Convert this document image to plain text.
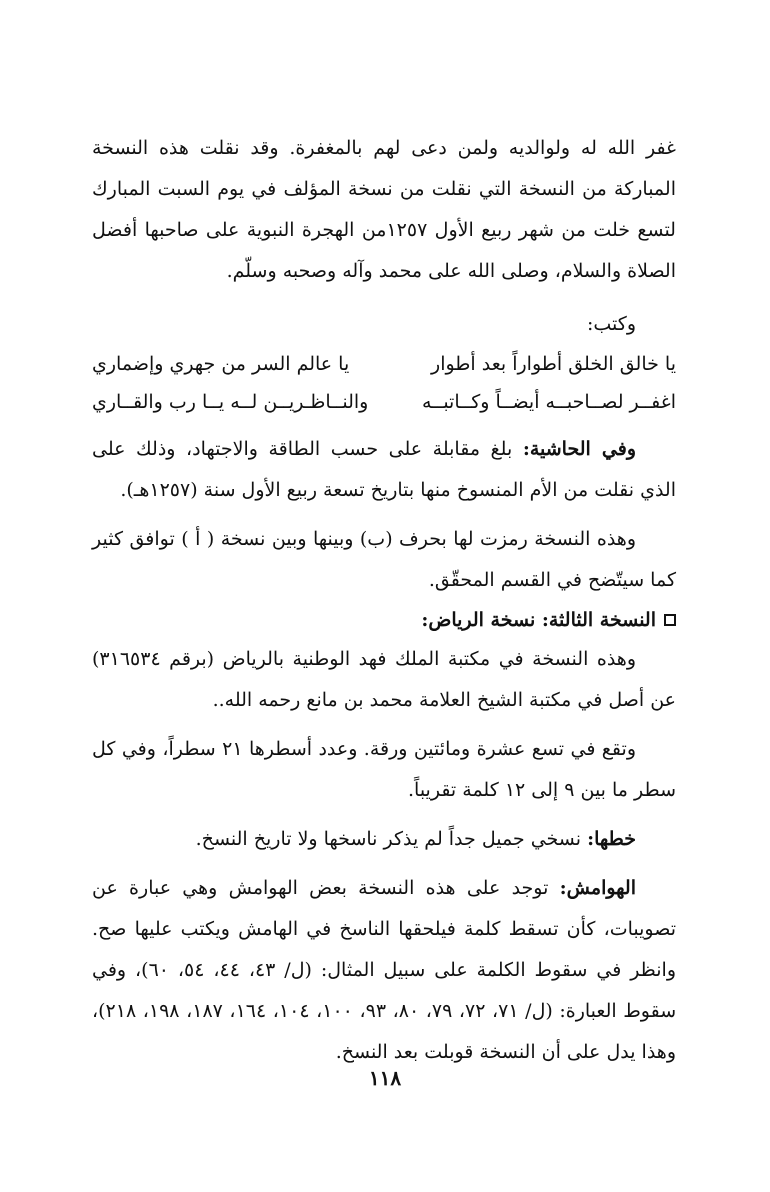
غفر الله له ولوالديه ولمن دعى لهم بالمغفرة. وقد نقلت هذه النسخة المباركة من النسخة التي نقلت من نسخة المؤلف في يوم السبت المبارك لتسع خلت من شهر ربيع الأول ١٢٥٧من الهجرة النبوية على صاحبها أفضل الصلاة والسلام، وصلى الله على محمد وآله وصحبه وسلّم.

وكتب:

يا خالق الخلق أطواراً بعد أطوار
يا عالم السر من جهري وإضماري

اغفــر لصــاحبــه أيضــاً وكــاتبــه
والنــاظـريــن لــه يــا رب والقــاري

وفي الحاشية: بلغ مقابلة على حسب الطاقة والاجتهاد، وذلك على الذي نقلت من الأم المنسوخ منها بتاريخ تسعة ربيع الأول سنة (١٢٥٧هـ).

وهذه النسخة رمزت لها بحرف (ب) وبينها وبين نسخة ( أ ) توافق كثير كما سيتّضح في القسم المحقّق.

النسخة الثالثة: نسخة الرياض:

وهذه النسخة في مكتبة الملك فهد الوطنية بالرياض (برقم ٣١٦٥٣٤) عن أصل في مكتبة الشيخ العلامة محمد بن مانع رحمه الله..

وتقع في تسع عشرة ومائتين ورقة. وعدد أسطرها ٢١ سطراً، وفي كل سطر ما بين ٩ إلى ١٢ كلمة تقريباً.

خطها: نسخي جميل جداً لم يذكر ناسخها ولا تاريخ النسخ.

الهوامش: توجد على هذه النسخة بعض الهوامش وهي عبارة عن تصويبات، كأن تسقط كلمة فيلحقها الناسخ في الهامش ويكتب عليها صح. وانظر في سقوط الكلمة على سبيل المثال: (ل/ ٤٣، ٤٤، ٥٤، ٦٠)، وفي سقوط العبارة: (ل/ ٧١، ٧٢، ٧٩، ٨٠، ٩٣، ١٠٠، ١٠٤، ١٦٤، ١٨٧، ١٩٨، ٢١٨)، وهذا يدل على أن النسخة قوبلت بعد النسخ.

١١٨
